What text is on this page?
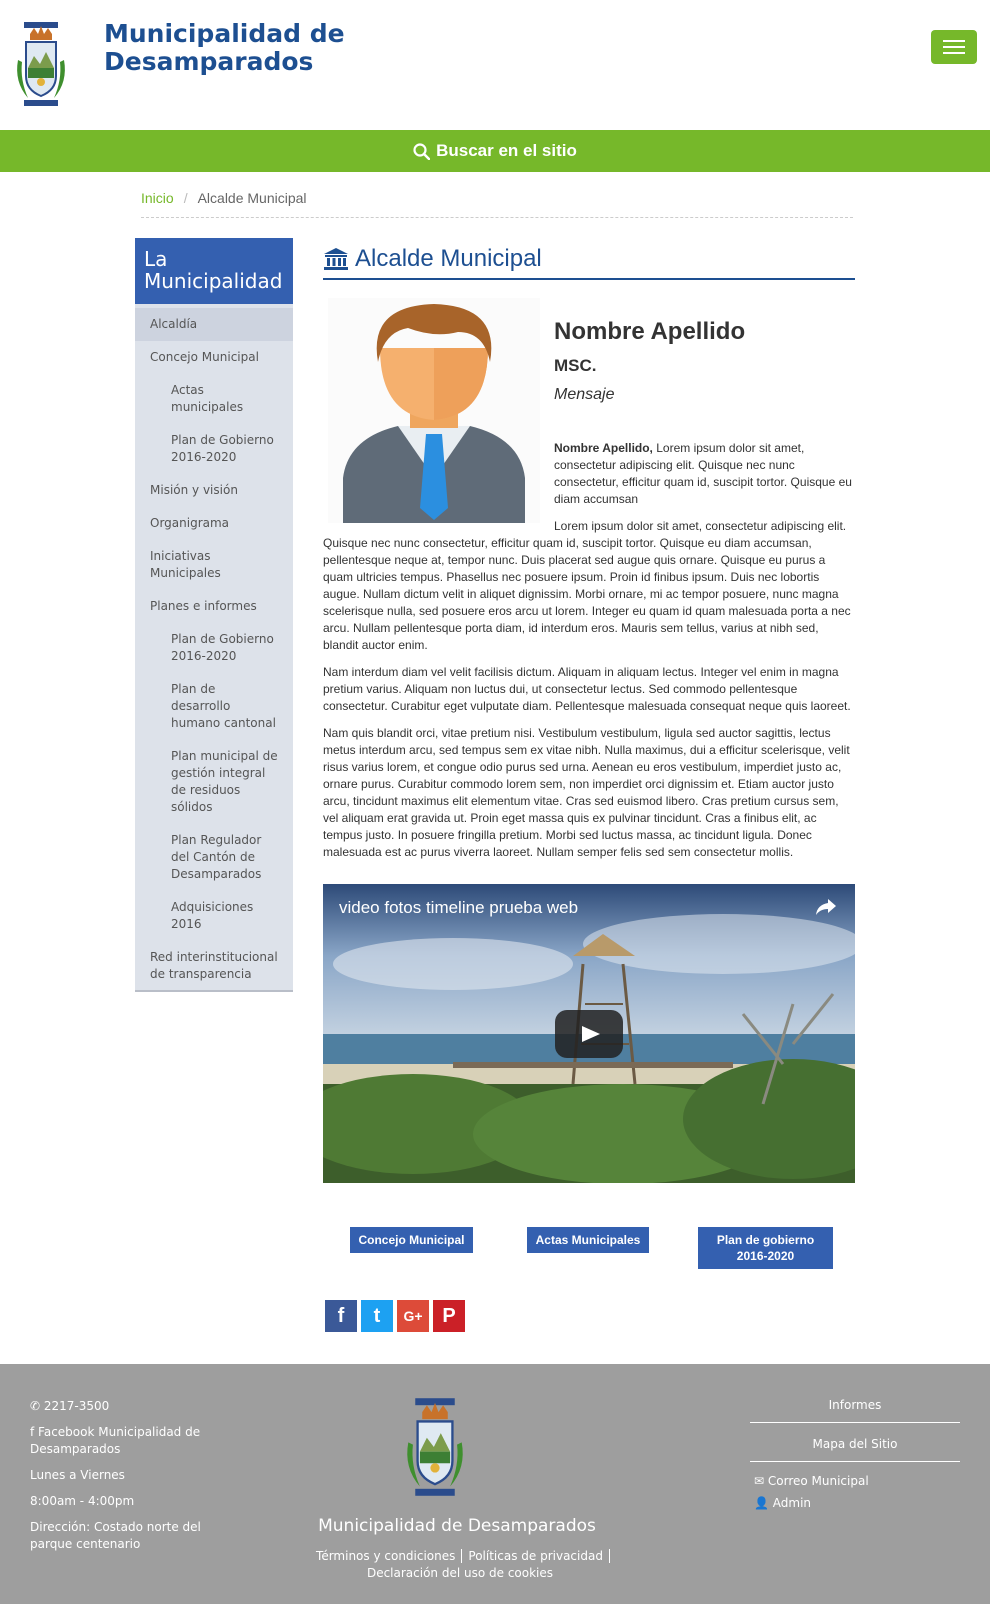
Municipalidad de
Desamparados
Buscar en el sitio
Inicio / Alcalde Municipal
La
Municipalidad
Alcaldía
Concejo Municipal
Actas municipales
Plan de Gobierno 2016-2020
Misión y visión
Organigrama
Iniciativas Municipales
Planes e informes
Plan de Gobierno 2016-2020
Plan de desarrollo humano cantonal
Plan municipal de gestión integral de residuos sólidos
Plan Regulador del Cantón de Desamparados
Adquisiciones 2016
Red interinstitucional de transparencia
Alcalde Municipal
Nombre Apellido
MSC.
Mensaje
Nombre Apellido, Lorem ipsum dolor sit amet, consectetur adipiscing elit. Quisque nec nunc consectetur, efficitur quam id, suscipit tortor. Quisque eu diam accumsan

Lorem ipsum dolor sit amet, consectetur adipiscing elit. Quisque nec nunc consectetur, efficitur quam id, suscipit tortor. Quisque eu diam accumsan, pellentesque neque at, tempor nunc. Duis placerat sed augue quis ornare. Quisque eu purus a quam ultricies tempus. Phasellus nec posuere ipsum. Proin id finibus ipsum. Duis nec lobortis augue. Nullam dictum velit in aliquet dignissim. Morbi ornare, mi ac tempor posuere, nunc magna scelerisque nulla, sed posuere eros arcu ut lorem. Integer eu quam id quam malesuada porta a nec arcu. Nullam pellentesque porta diam, id interdum eros. Mauris sem tellus, varius at nibh sed, blandit auctor enim.

Nam interdum diam vel velit facilisis dictum. Aliquam in aliquam lectus. Integer vel enim in magna pretium varius. Aliquam non luctus dui, ut consectetur lectus. Sed commodo pellentesque consectetur. Curabitur eget vulputate diam. Pellentesque malesuada consequat neque quis laoreet.

Nam quis blandit orci, vitae pretium nisi. Vestibulum vestibulum, ligula sed auctor sagittis, lectus metus interdum arcu, sed tempus sem ex vitae nibh. Nulla maximus, dui a efficitur scelerisque, velit risus varius lorem, et congue odio purus sed urna. Aenean eu eros vestibulum, imperdiet justo ac, ornare purus. Curabitur commodo lorem sem, non imperdiet orci dignissim et. Etiam auctor justo arcu, tincidunt maximus elit elementum vitae. Cras sed euismod libero. Cras pretium cursus sem, vel aliquam erat gravida ut. Proin eget massa quis ex pulvinar tincidunt. Cras a finibus elit, ac tempus justo. In posuere fringilla pretium. Morbi sed luctus massa, ac tincidunt ligula. Donec malesuada est ac purus viverra laoreet. Nullam semper felis sed sem consectetur mollis.

video fotos timeline prueba web
Concejo Municipal	Actas Municipales	Plan de gobierno 2016-2020
f t G+ P
✆ 2217-3500
f Facebook Municipalidad de Desamparados
Lunes a Viernes
8:00am - 4:00pm
Dirección: Costado norte del parque centenario
Municipalidad de Desamparados
Términos y condiciones Políticas de privacidad
Declaración del uso de cookies
Informes
Mapa del Sitio
✉ Correo Municipal
👤 Admin
